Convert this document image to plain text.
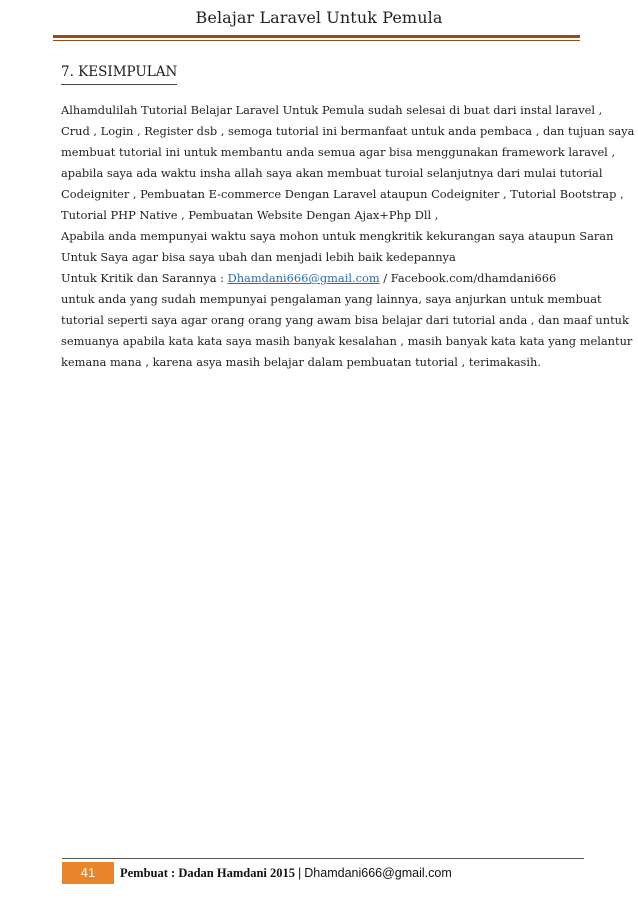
Belajar Laravel Untuk Pemula
7. KESIMPULAN
Alhamdulilah Tutorial Belajar Laravel Untuk Pemula sudah selesai di buat dari instal laravel ,
Crud , Login , Register dsb , semoga tutorial ini bermanfaat untuk anda pembaca , dan tujuan saya
membuat tutorial ini untuk membantu anda semua agar bisa menggunakan framework laravel ,
apabila saya ada waktu insha allah saya akan membuat turoial selanjutnya dari mulai tutorial
Codeigniter , Pembuatan E-commerce Dengan Laravel ataupun Codeigniter , Tutorial Bootstrap ,
Tutorial PHP Native , Pembuatan Website Dengan Ajax+Php Dll ,
Apabila anda mempunyai waktu saya mohon untuk mengkritik kekurangan saya ataupun Saran
Untuk Saya agar bisa saya ubah dan menjadi lebih baik kedepannya
Untuk Kritik dan Sarannya : Dhamdani666@gmail.com / Facebook.com/dhamdani666
untuk anda yang sudah mempunyai pengalaman yang lainnya, saya anjurkan untuk membuat
tutorial seperti saya agar orang orang yang awam bisa belajar dari tutorial anda , dan maaf untuk
semuanya apabila kata kata saya masih banyak kesalahan , masih banyak kata kata yang melantur
kemana mana , karena asya masih belajar dalam pembuatan tutorial , terimakasih.
41	Pembuat : Dadan Hamdani 2015 | Dhamdani666@gmail.com
